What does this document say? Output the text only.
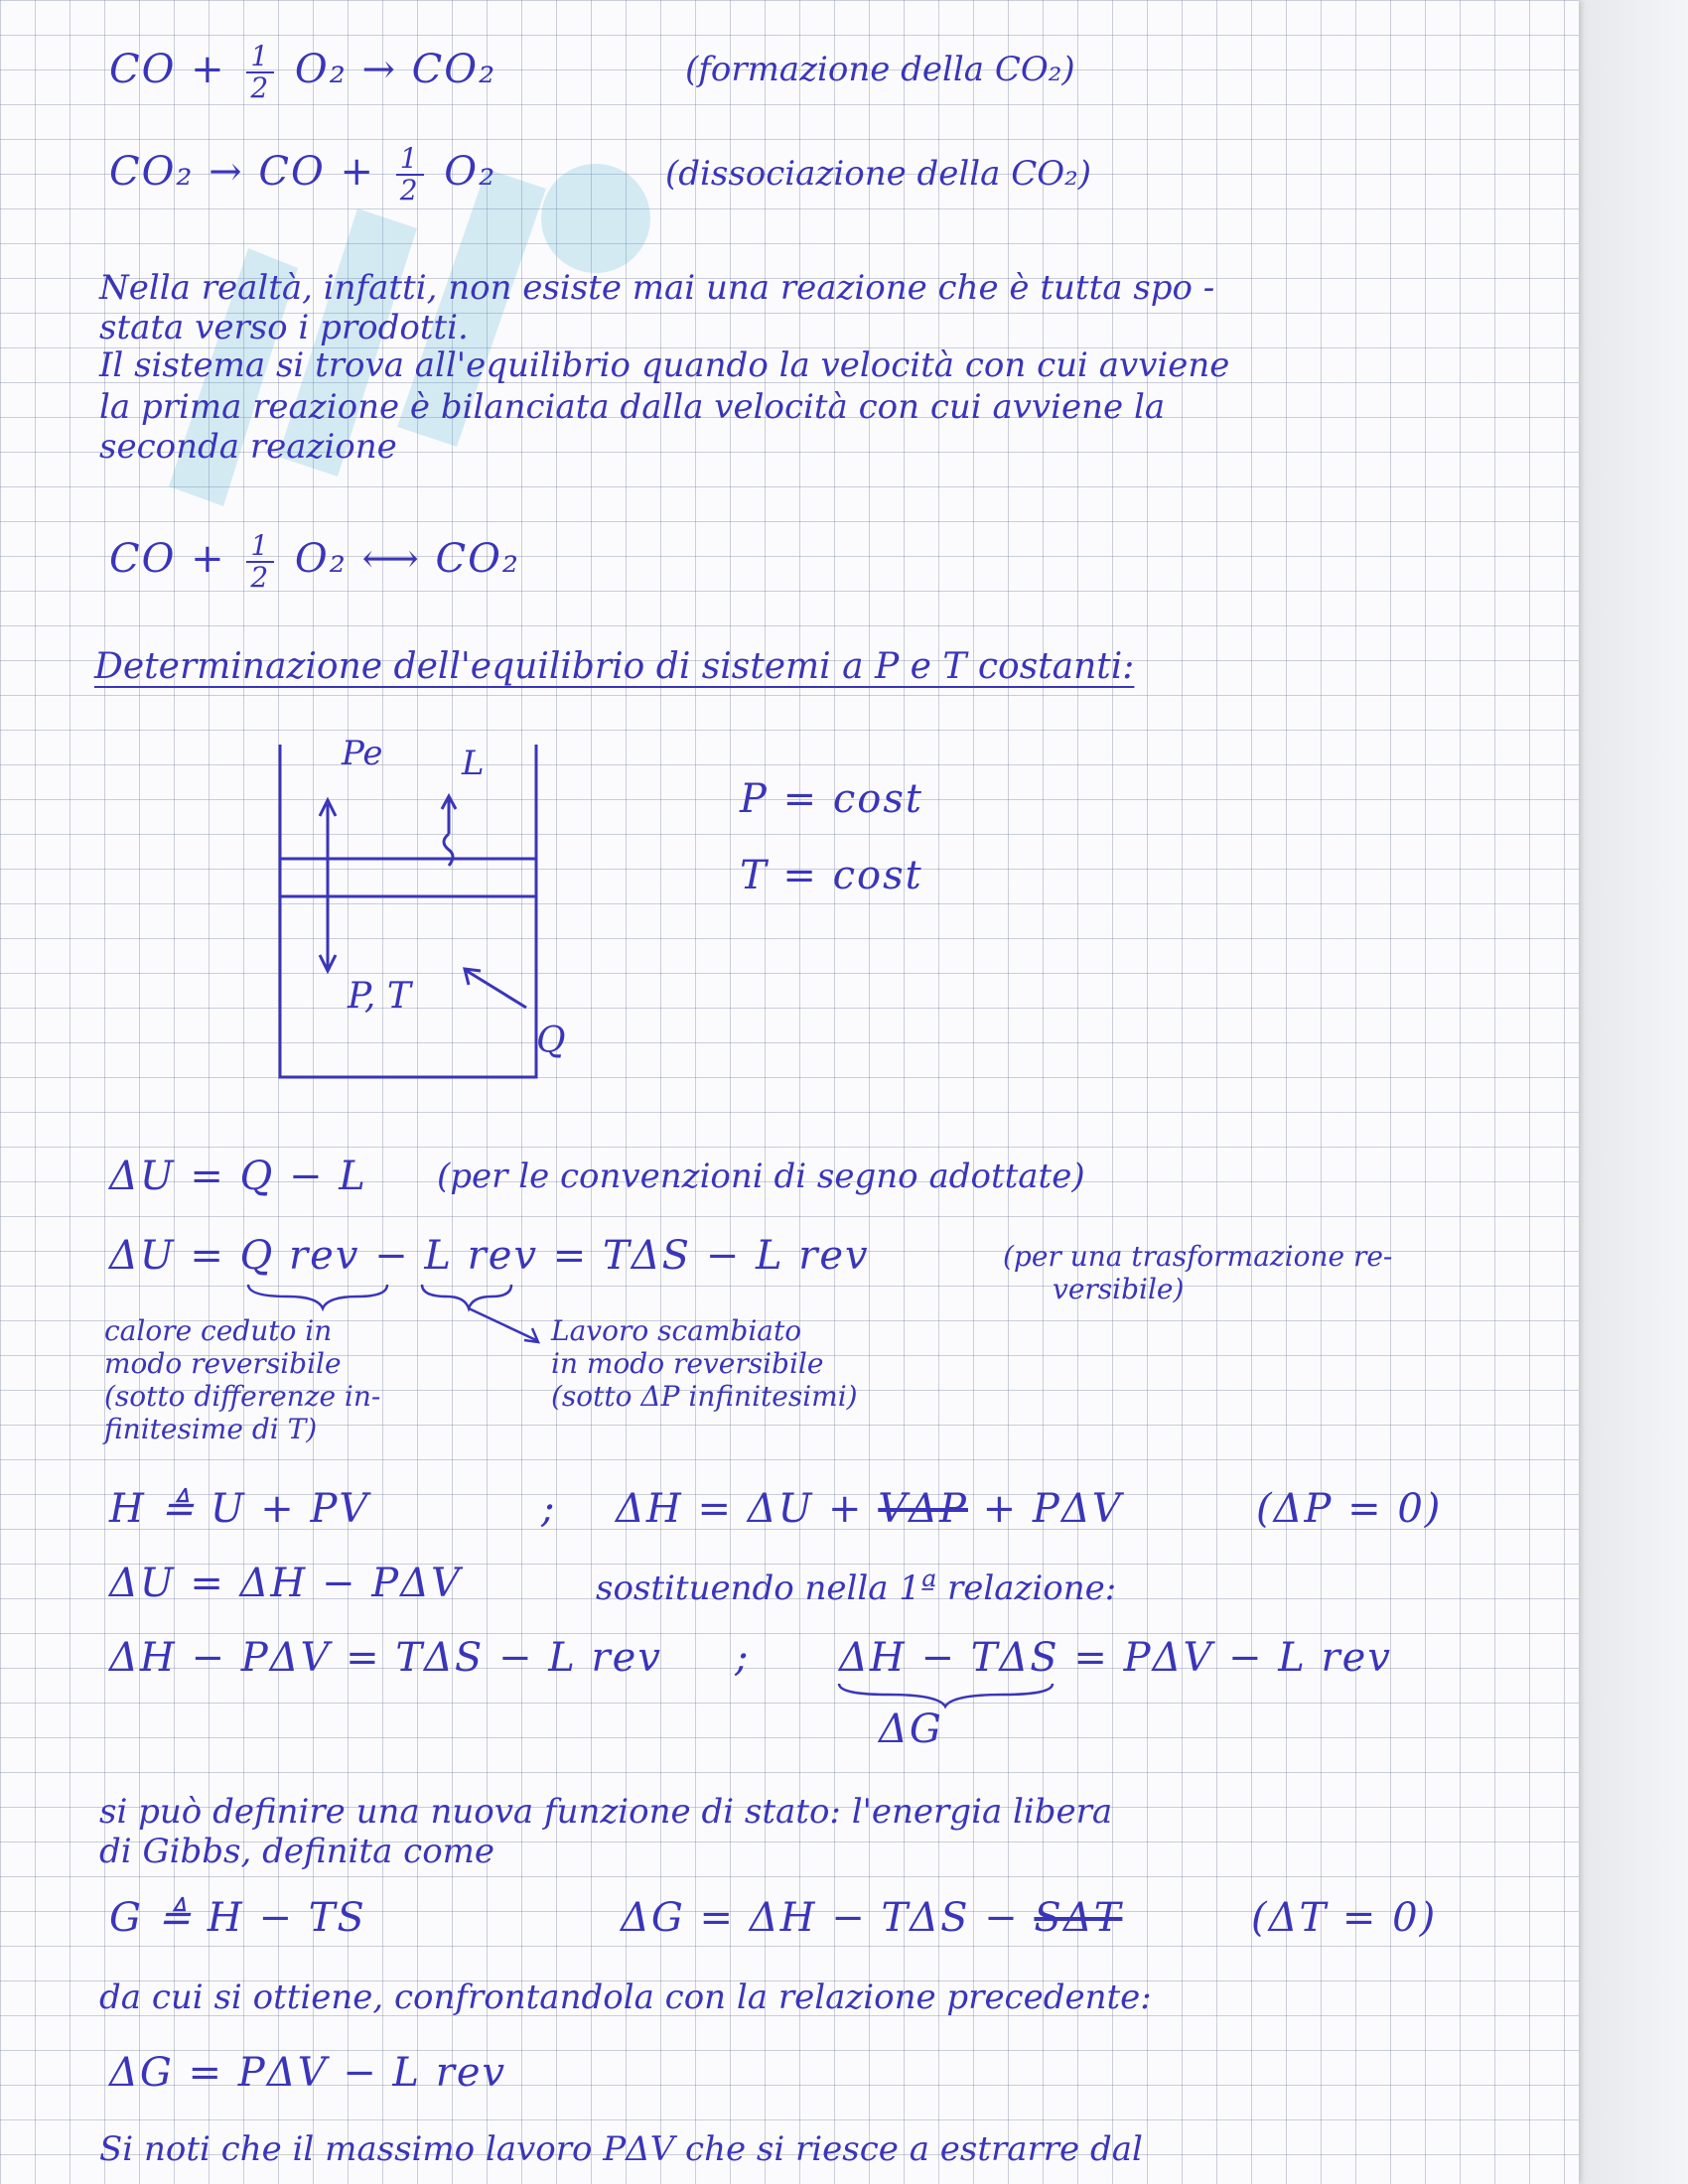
CO + $\frac{1}{2} O_2 \to CO_2$	(formazione della CO₂)
CO₂ → CO + $\frac{1}{2} O_2$	(dissociazione della CO₂)
Nella realtà, infatti, non esiste mai una reazione che è tutta spo -
stata verso i prodotti.
Il sistema si trova all'equilibrio quando la velocità con cui avviene
la prima reazione è bilanciata dalla velocità con cui avviene la
seconda reazione
CO + $\frac{1}{2} O_2$ ⟷ CO₂
Determinazione dell'equilibrio di sistemi a P e T costanti:
Pe L
P, T
Q
P = cost
T = cost
ΔU = Q − L (per le convenzioni di segno adottate)
ΔU = Q rev − L rev = TΔS − L rev	(per una trasformazione re-
versibile)
calore ceduto in
modo reversibile
(sotto differenze in-
finitesime di T)
Lavoro scambiato
in modo reversibile
(sotto ΔP infinitesimi)
H ≜ U + PV	; ΔH = ΔU + VΔP + PΔV	(ΔP = 0)
ΔU = ΔH − PΔV	sostituendo nella 1ª relazione:
ΔH − PΔV = TΔS − L rev ; ΔH − TΔS = PΔV − L rev
ΔG
si può definire una nuova funzione di stato: l'energia libera
di Gibbs, definita come
G ≜ H − TS	ΔG = ΔH − TΔS − SΔT	(ΔT = 0)
da cui si ottiene, confrontandola con la relazione precedente:
ΔG = PΔV − L rev
Si noti che il massimo lavoro PΔV che si riesce a estrarre dal
